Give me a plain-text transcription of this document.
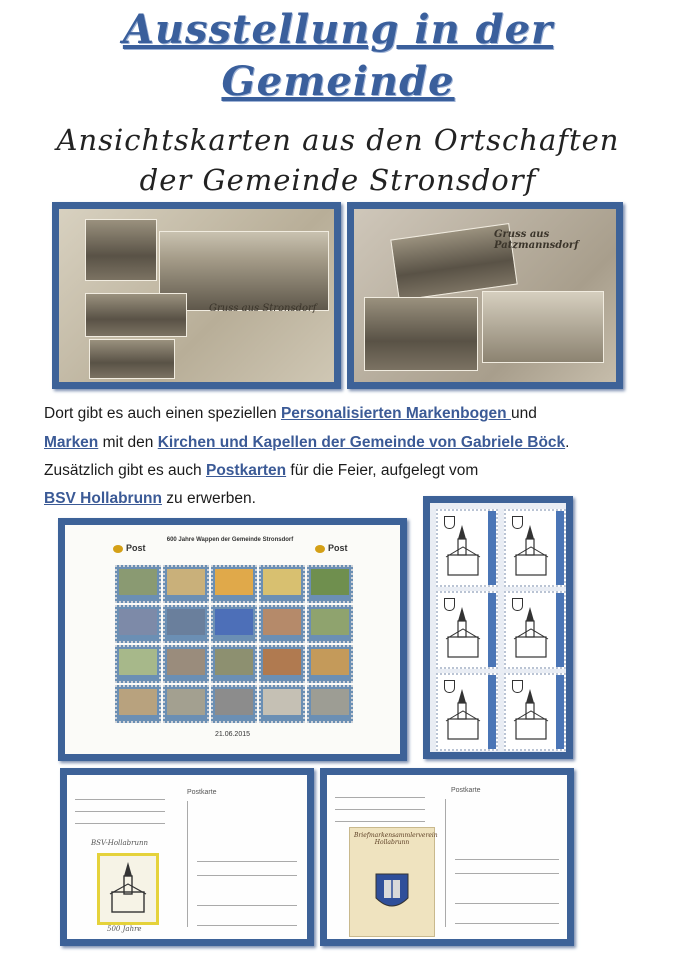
Ausstellung in der
Gemeinde
Ansichtskarten aus den Ortschaften
der Gemeinde Stronsdorf
Gruss aus Stronsdorf
Gruss aus Patzmannsdorf
Dort gibt es auch einen speziellen Personalisierten Markenbogen und
Marken mit den Kirchen und Kapellen der Gemeinde von Gabriele Böck.
Zusätzlich gibt es auch Postkarten für die Feier, aufgelegt vom
BSV Hollabrunn zu erwerben.
Post	Post
600 Jahre Wappen der Gemeinde Stronsdorf
21.06.2015
Postkarte
BSV-Hollabrunn
500 Jahre
Postkarte
Briefmarkensammlerverein Hollabrunn
